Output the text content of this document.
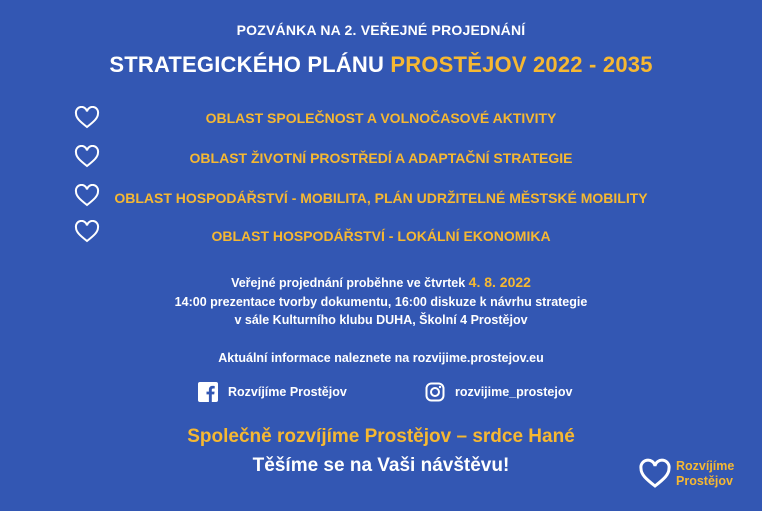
POZVÁNKA NA 2. VEŘEJNÉ PROJEDNÁNÍ
STRATEGICKÉHO PLÁNU PROSTĚJOV 2022 - 2035
OBLAST SPOLEČNOST A VOLNOČASOVÉ AKTIVITY
OBLAST ŽIVOTNÍ PROSTŘEDÍ A ADAPTAČNÍ STRATEGIE
OBLAST HOSPODÁŘSTVÍ - MOBILITA, PLÁN UDRŽITELNÉ MĚSTSKÉ MOBILITY
OBLAST HOSPODÁŘSTVÍ - LOKÁLNÍ EKONOMIKA
Veřejné projednání proběhne ve čtvrtek 4. 8. 2022
14:00 prezentace tvorby dokumentu, 16:00 diskuze k návrhu strategie
v sále Kulturního klubu DUHA, Školní 4 Prostějov
Aktuální informace naleznete na rozvijime.prostejov.eu
Rozvíjíme Prostějov	rozvijime_prostejov
Společně rozvíjíme Prostějov – srdce Hané
Těšíme se na Vaši návštěvu!	Rozvíjíme
Prostějov
